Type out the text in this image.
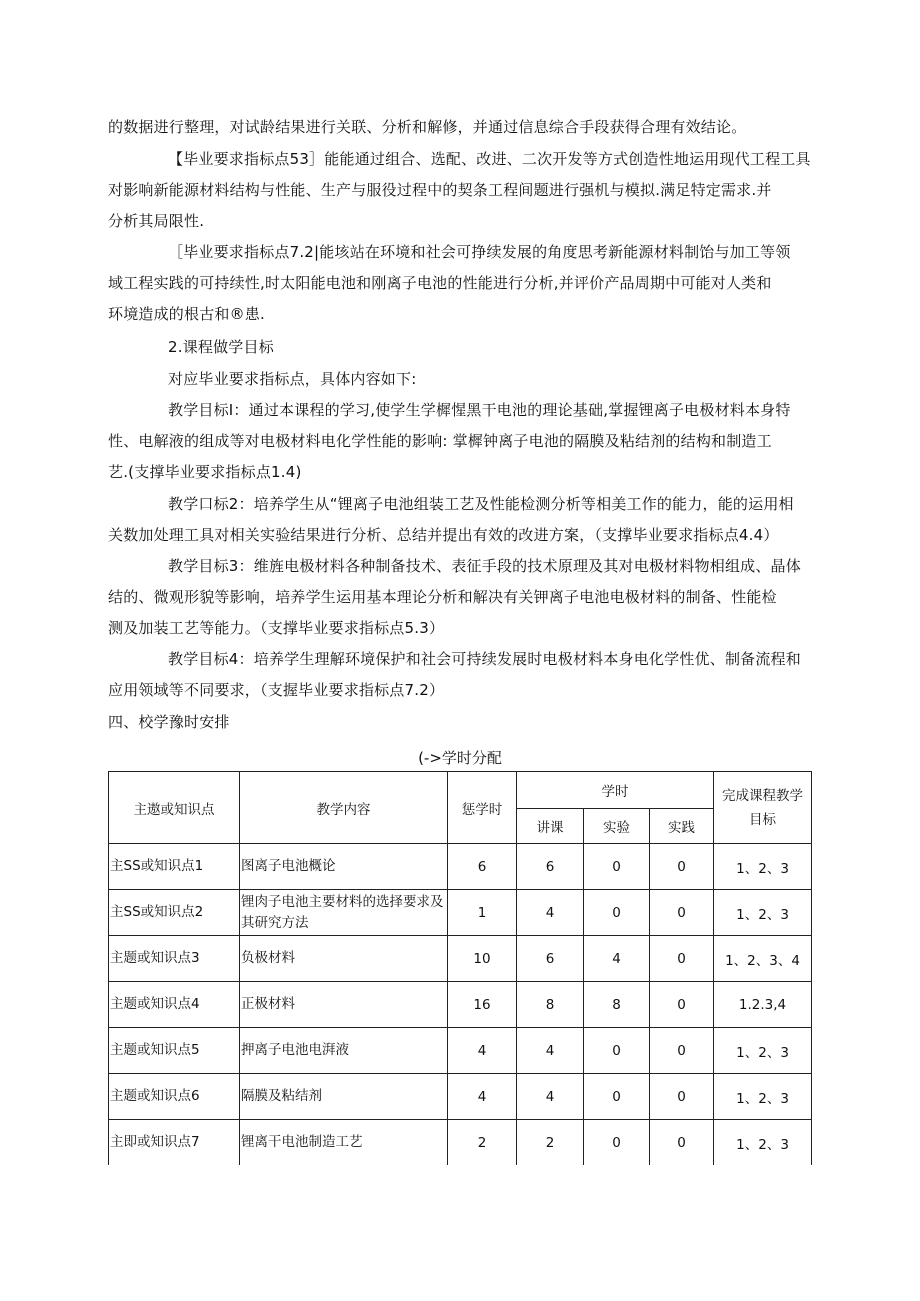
的数据进行整理，对试龄结果进行关联、分析和解修，并通过信息综合手段获得合理有效结论。

【毕业要求指标点53］能能通过组合、选配、改进、二次开发等方式创造性地运用现代工程工具
对影响新能源材料结构与性能、生产与服役过程中的契条工程间题进行强机与模拟.满足特定需求.并
分析其局限性.

［毕业要求指标点7.2|能垓站在环境和社会可挣续发展的角度思考新能源材料制饴与加工等领
域工程实践的可持续性,时太阳能电池和刚离子电池的性能进行分析,并评价产品周期中可能对人类和
环境造成的根古和®患.

2.课程做学目标

对应毕业要求指标点，具体内容如下:

教学目标I：通过本课程的学习,使学生学樨惺黑干电池的理论基础,掌握锂离子电极材料本身特
性、电解液的组成等对电极材料电化学性能的影响: 掌樨钟离子电池的隔膜及粘结剂的结构和制造工
艺.(支撑毕业要求指标点1.4)

教学口标2：培养学生从“锂离子电池组装工艺及性能检测分析等相美工作的能力，能的运用相
关数加处理工具对相关实验结果进行分析、总结并提出有效的改进方案，（支撑毕业要求指标点4.4）

教学目标3：维旌电极材料各种制备技术、表征手段的技术原理及其对电极材料物相组成、晶体
结的、微观形貌等影响，培养学生运用基本理论分析和解决有关钾离子电池电极材料的制备、性能检
测及加装工艺等能力。（支撑毕业要求指标点5.3）

教学目标4：培养学生理解环境保护和社会可持续发展时电极材料本身电化学性优、制备流程和
应用领域等不同要求，（支握毕业要求指标点7.2）

四、校学豫时安排

(->学时分配
主遨或知识点	教学内容	惩学时	学时			完成课程教学目标
			讲课	实验	实践	
主SS或知识点1	图离子电池概论	6	6	0	0	1、2、3
主SS或知识点2	锂肉子电池主要材料的选择要求及其研究方法	1	4	0	0	1、2、3
主题或知识点3	负极材料	10	6	4	0	1、2、3、4
主题或知识点4	正极材料	16	8	8	0	1.2.3,4
主题或知识点5	押离子电池电湃液	4	4	0	0	1、2、3
主题或知识点6	隔膜及粘结剂	4	4	0	0	1、2、3
主即或知识点7	锂离干电池制造工艺	2	2	0	0	1、2、3
